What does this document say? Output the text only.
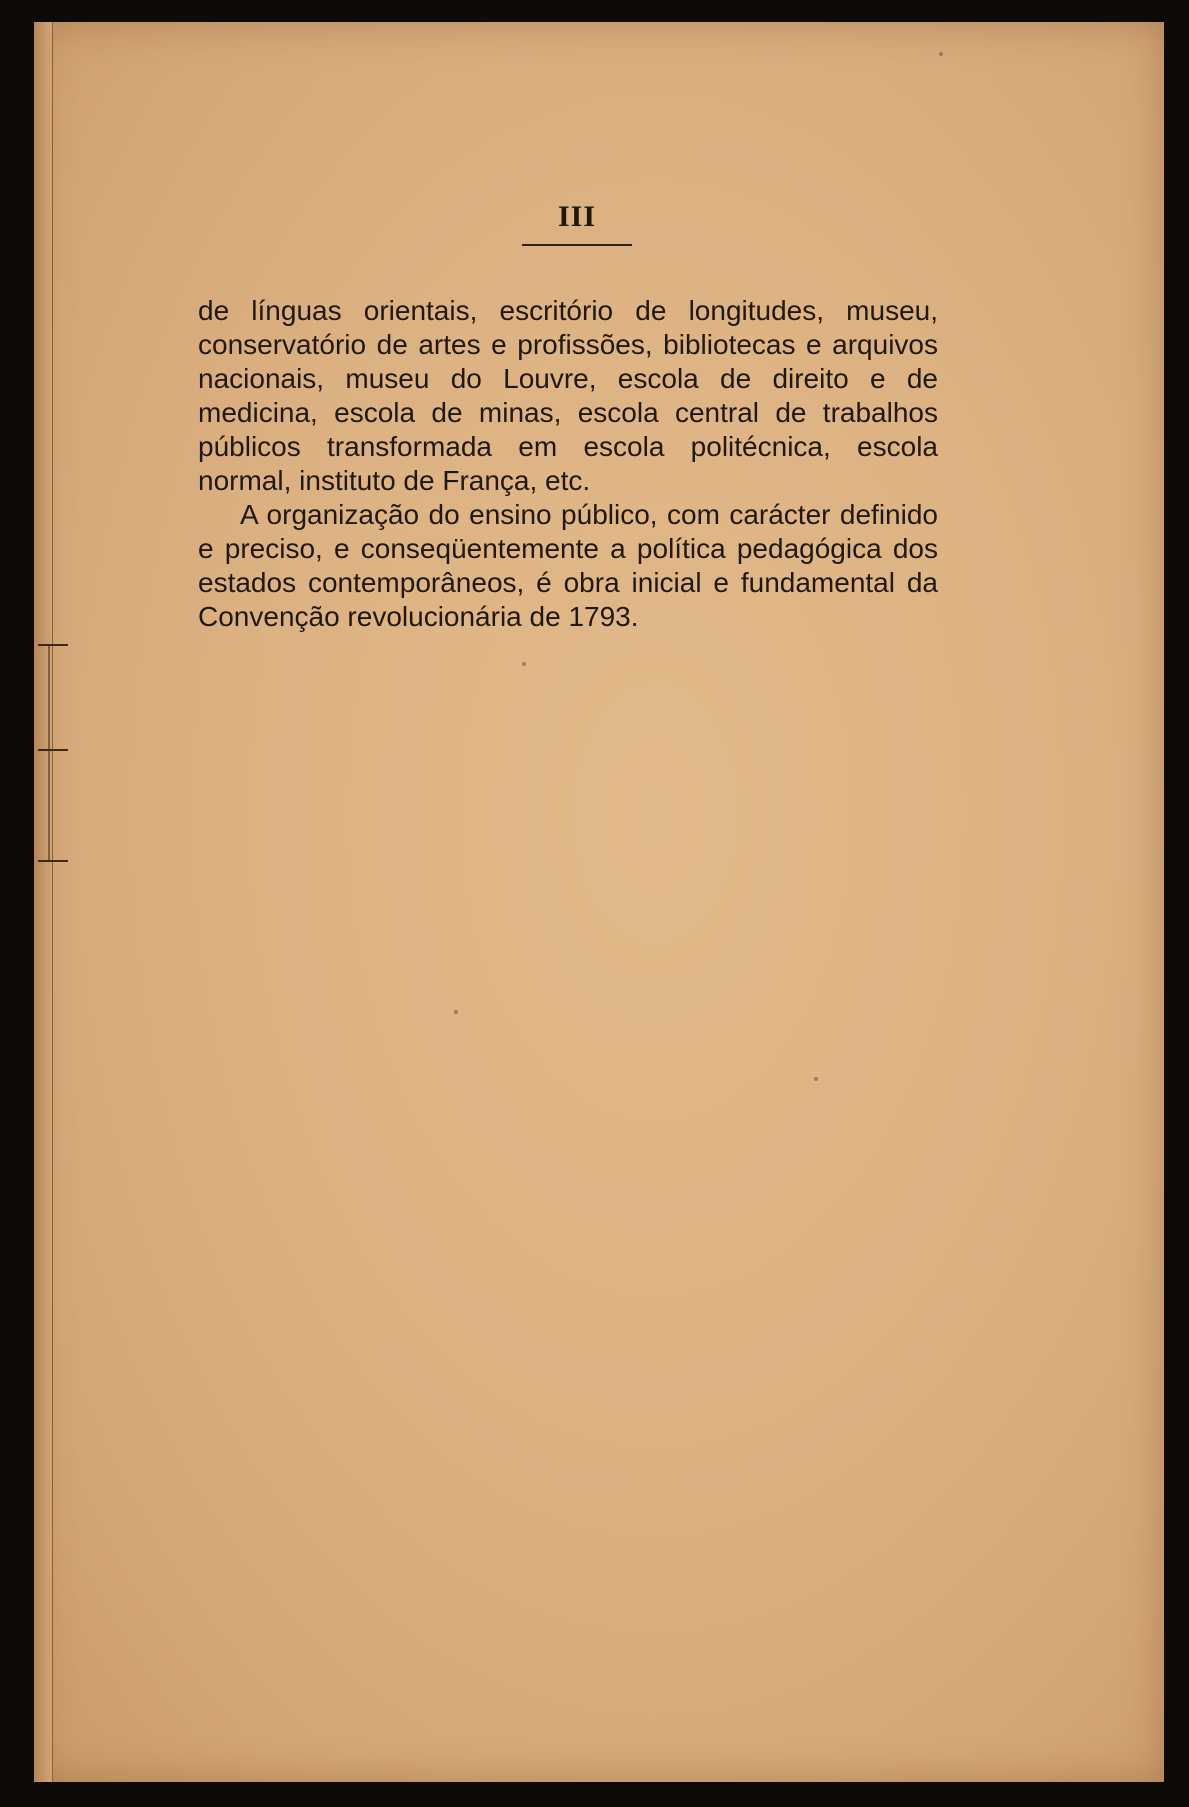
III

de línguas orientais, escritório de longitudes, museu, conservatório de artes e profissões, bibliotecas e arquivos nacionais, museu do Louvre, escola de direito e de medicina, escola de minas, escola central de trabalhos públicos transformada em escola politécnica, escola normal, instituto de França, etc.

A organização do ensino público, com carácter definido e preciso, e conseqüentemente a política pedagógica dos estados contemporâneos, é obra inicial e fundamental da Convenção revolucionária de 1793.
